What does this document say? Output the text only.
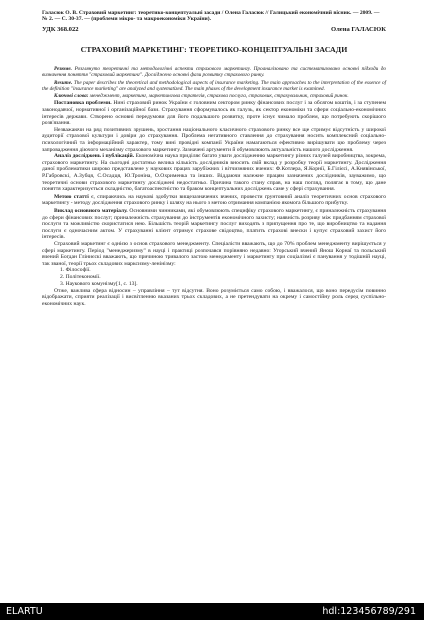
Галасюк О. В. Страховий маркетинг: теоретико-концептуальні засади / Олена Галасюк // Галицький економічний вісник. — 2009. — № 2. — С. 30-37. — (проблеми мікро- та макроекономіки України).
УДК 368.022	Олена ГАЛАСЮК
СТРАХОВИЙ МАРКЕТИНГ: ТЕОРЕТИКО-КОНЦЕПТУАЛЬНІ ЗАСАДИ

Резюме. Розглянуто теоретичні та методологічні аспекти страхового маркетингу. Проаналізовано та систематизовано основні підходи до визначення поняття "страховий маркетинг". Досліджено основні фази розвитку страхового ринку.

Resume. The paper describes the theoretical and methodological aspects of insurance marketing. The main approaches to the interpretation of the essence of the definition "insurance marketing" are analyzed and systematized. The main phases of the development insurance market is examined.

Ключові слова: менеджмент, маркетинг, маркетингова стратегія, страхова послуга, страховик, страхувальник, страховий ринок.

Постановка проблеми. Нині страховий ринок України є головним сектором ринку фінансових послуг і за обсягом коштів, і за ступенем законодавчої, нормативної і організаційної бази. Страхування сформувалось як галузь, як сектор економіки та сфери соціально-економічних інтересів держави. Створено основні передумови для його подальшого розвитку, проте існує чимало проблем, що потребують скорішого розв'язання.

Незважаючи на ряд позитивних зрушень, зростання національного класичного страхового ринку все ще стримує відсутність у широкої аудиторії страхової культури і довіри до страхування. Проблема негативного ставлення до страхування носить комплексний соціально-психологічний та інформаційний характер, тому вині провідні компанії України намагаються ефективно вирішувати цю проблему через запровадження діючого механізму страхового маркетингу. Зазначені аргументи й обумовлюють актуальність нашого дослідження.

Аналіз досліджень і публікацій. Економічна наука приділяє багато уваги дослідженню маркетингу різних галузей виробництва, зокрема, страхового маркетингу. На сьогодні достатньо велика кількість дослідників вносить свій вклад у розробку теорії маркетингу. Дослідження даної проблематики широко представлене у наукових працях зарубіжних і вітчизняних вчених: Ф.Котлера, Я.Корнії, Б.Гілієсі, А.Княвінської, Р.Габровскі, А.Зубця, С.Осадця, Ю.Троніна, О.Охрименка та інших. Віддаючи належне працям зазначених дослідників, зауважимо, що теоретичні основи страхового маркетингу досліджені недостатньо. Причина такого стану справ, на наш погляд, полягає в тому, що дане поняття характеризується складністю, багатоаспектністю та браком концептуальних досліджень саме у сфері страхування.

Метою статті є, спираючись на наукові здобутки вищезазначених вчених, провести ґрунтовний аналіз теоретичних основ страхового маркетингу - методу дослідження страхового ринку і шляху на нього з метою отримання компанією якомога більшого прибутку.

Виклад основного матеріалу. Основними чинниками, які обумовлюють специфіку страхового маркетингу, є приналежність страхування до сфери фінансових послуг; приналежність страхування до інструментів економічного захисту; наявність розриву між придбанням страхової послуги та можливістю скористатися нею. Більшість теорій маркетингу послуг виходять з припущення про те, що виробництво та надання послуги є одночасним актом. У страхуванні клієнт отримує страхове свідоцтво, платить страхові внески і купує страховий захист його інтересів.

Страховий маркетинг є однією з основ страхового менеджменту. Спеціалісти вважають, що до 70% проблем менеджменту вирішується у сфері маркетингу. Період "менеджеризму" в науці і практиці розпочався порівняно недавно: Угорський вчений Янош Корнаї та польський вчений Богдан Гліниєскі вважають, що причиною тривалого застою менеджменту і маркетингу при соціалізмі є панування у тодішній науці, так званої, теорії трьох складових марксизму-ленінізму:

1. Філософії.
2. Політекономії.
3. Наукового комунізму[1, с. 13].

Отже, важлива сфера відносин – управління – тут відсутня. Воно розуміється само собою, і вважалося, що воно передусім повинно відображати, сприяти реалізації і висвітленню вказаних трьох складових, а не претендувати на окрему і самостійну роль серед суспільно-економічних наук.

ELARTU	hdl:123456789/291
